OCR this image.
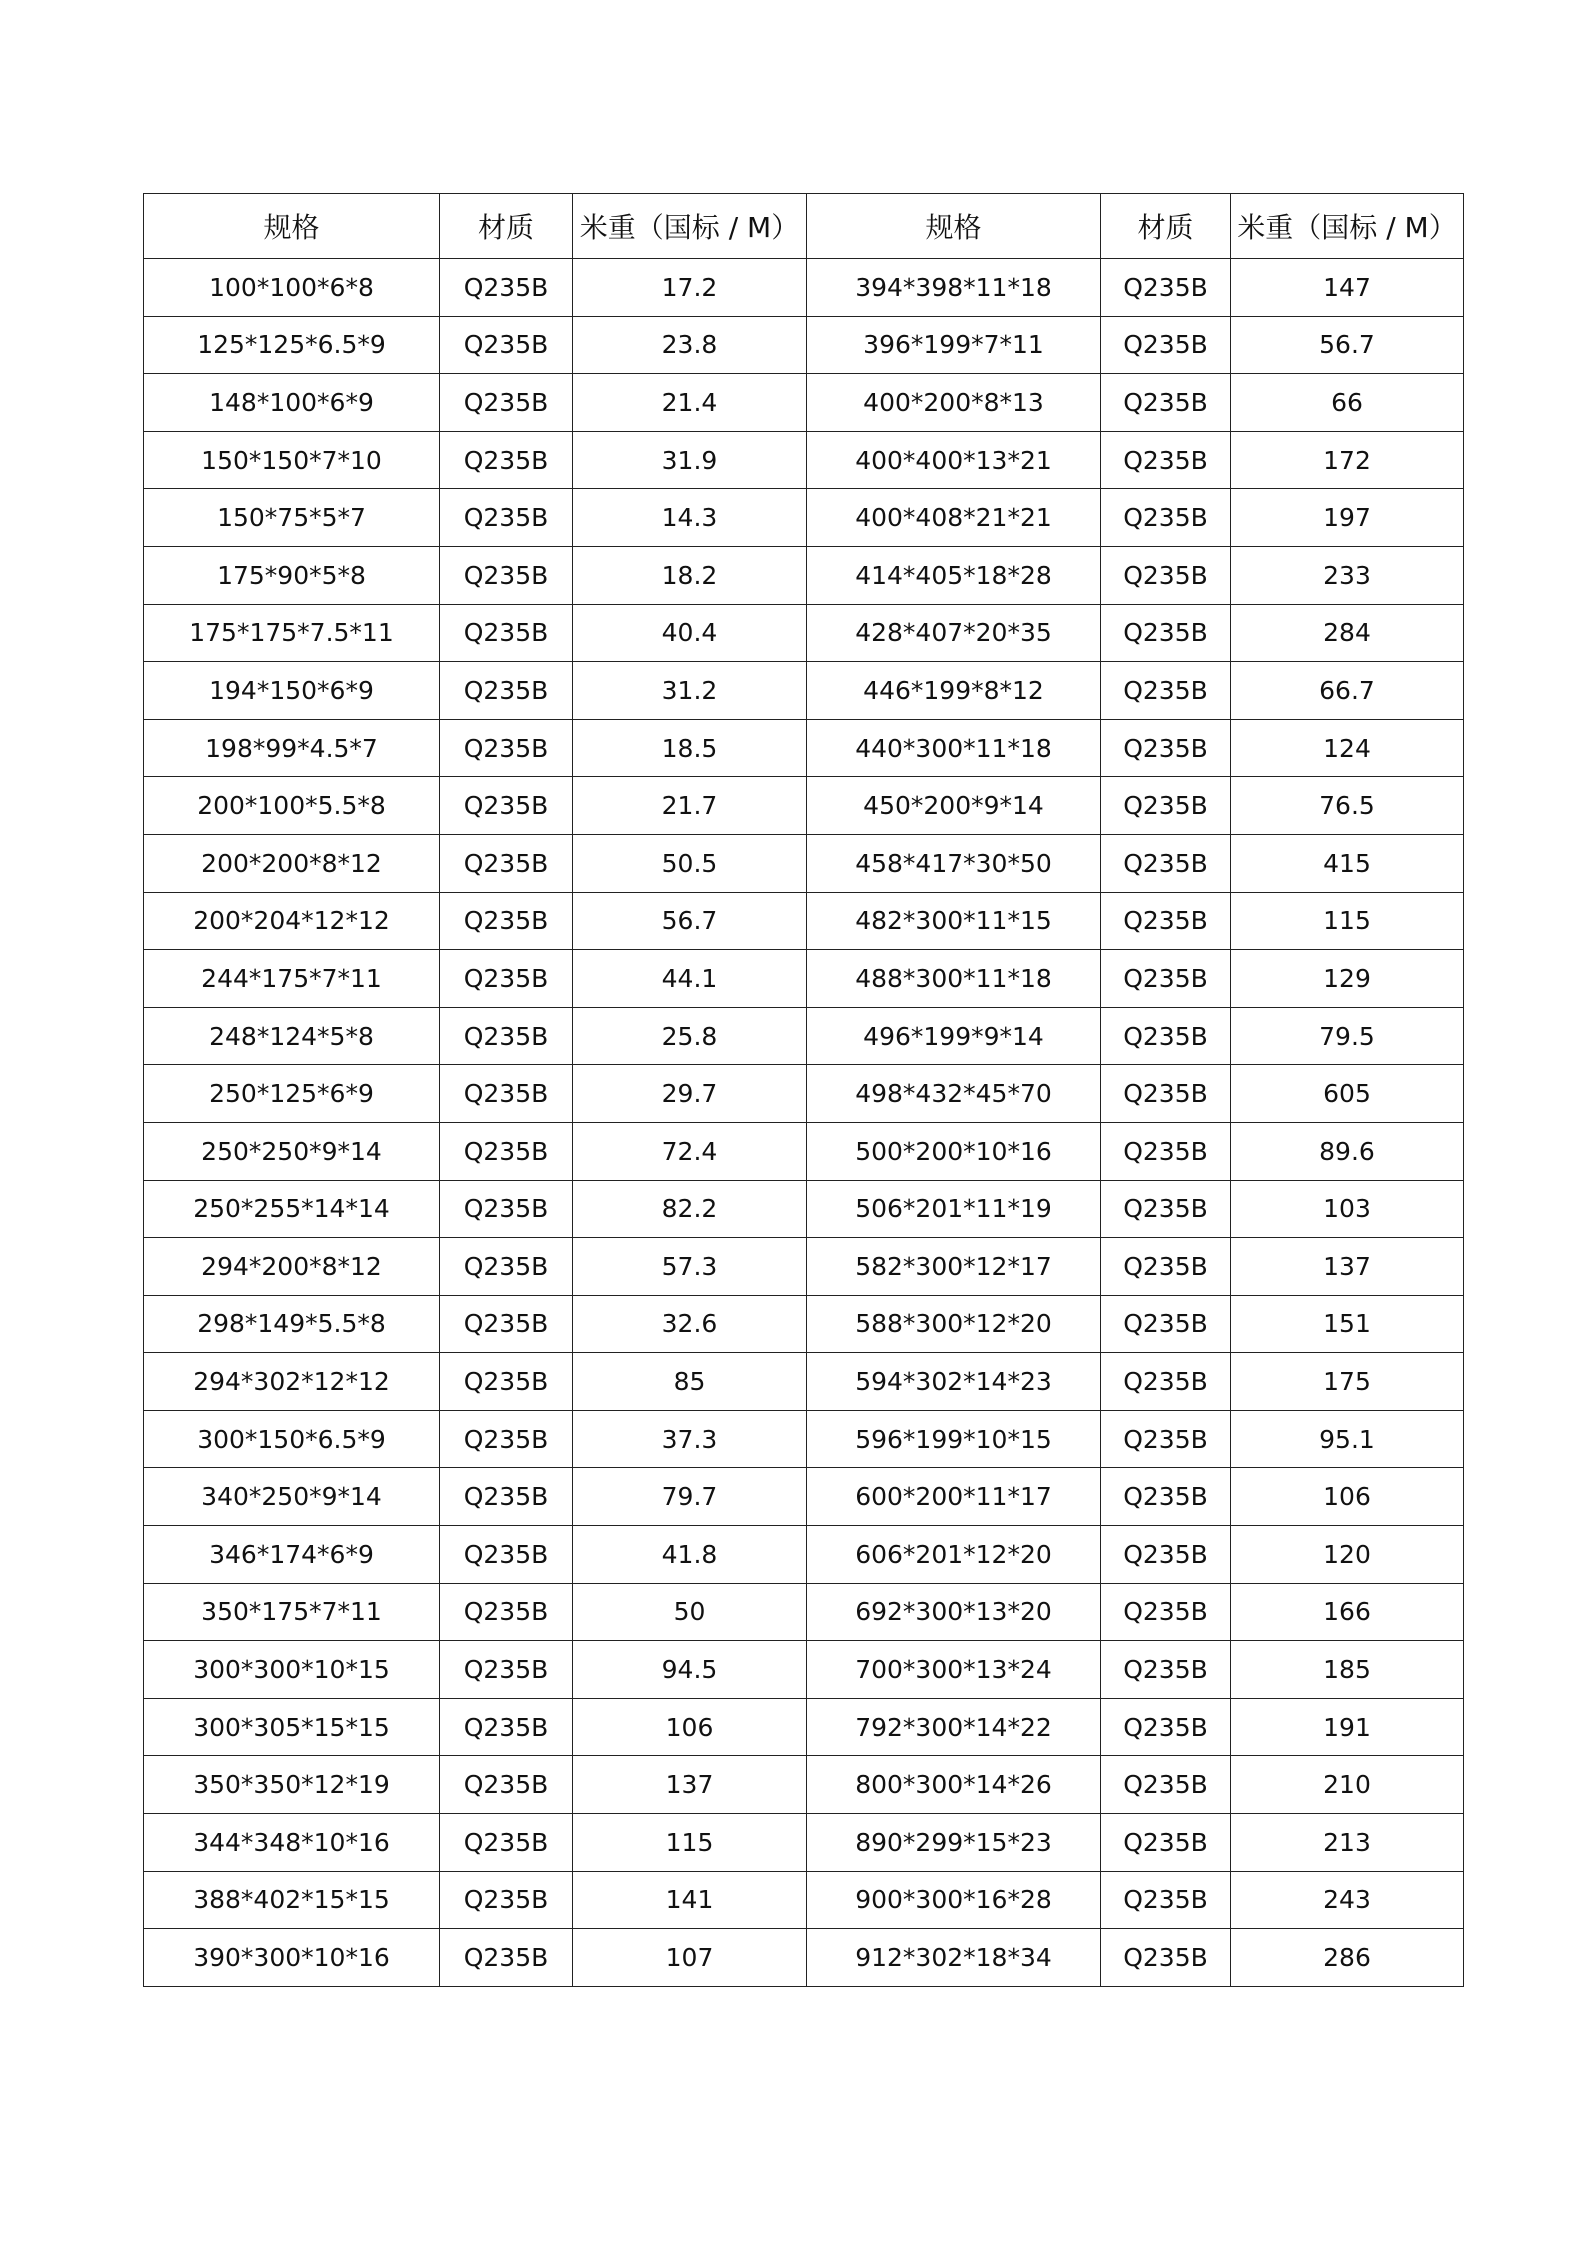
规格	材质	米重（国标 / M）	规格	材质	米重（国标 / M）
100*100*6*8	Q235B	17.2	394*398*11*18	Q235B	147
125*125*6.5*9	Q235B	23.8	396*199*7*11	Q235B	56.7
148*100*6*9	Q235B	21.4	400*200*8*13	Q235B	66
150*150*7*10	Q235B	31.9	400*400*13*21	Q235B	172
150*75*5*7	Q235B	14.3	400*408*21*21	Q235B	197
175*90*5*8	Q235B	18.2	414*405*18*28	Q235B	233
175*175*7.5*11	Q235B	40.4	428*407*20*35	Q235B	284
194*150*6*9	Q235B	31.2	446*199*8*12	Q235B	66.7
198*99*4.5*7	Q235B	18.5	440*300*11*18	Q235B	124
200*100*5.5*8	Q235B	21.7	450*200*9*14	Q235B	76.5
200*200*8*12	Q235B	50.5	458*417*30*50	Q235B	415
200*204*12*12	Q235B	56.7	482*300*11*15	Q235B	115
244*175*7*11	Q235B	44.1	488*300*11*18	Q235B	129
248*124*5*8	Q235B	25.8	496*199*9*14	Q235B	79.5
250*125*6*9	Q235B	29.7	498*432*45*70	Q235B	605
250*250*9*14	Q235B	72.4	500*200*10*16	Q235B	89.6
250*255*14*14	Q235B	82.2	506*201*11*19	Q235B	103
294*200*8*12	Q235B	57.3	582*300*12*17	Q235B	137
298*149*5.5*8	Q235B	32.6	588*300*12*20	Q235B	151
294*302*12*12	Q235B	85	594*302*14*23	Q235B	175
300*150*6.5*9	Q235B	37.3	596*199*10*15	Q235B	95.1
340*250*9*14	Q235B	79.7	600*200*11*17	Q235B	106
346*174*6*9	Q235B	41.8	606*201*12*20	Q235B	120
350*175*7*11	Q235B	50	692*300*13*20	Q235B	166
300*300*10*15	Q235B	94.5	700*300*13*24	Q235B	185
300*305*15*15	Q235B	106	792*300*14*22	Q235B	191
350*350*12*19	Q235B	137	800*300*14*26	Q235B	210
344*348*10*16	Q235B	115	890*299*15*23	Q235B	213
388*402*15*15	Q235B	141	900*300*16*28	Q235B	243
390*300*10*16	Q235B	107	912*302*18*34	Q235B	286
